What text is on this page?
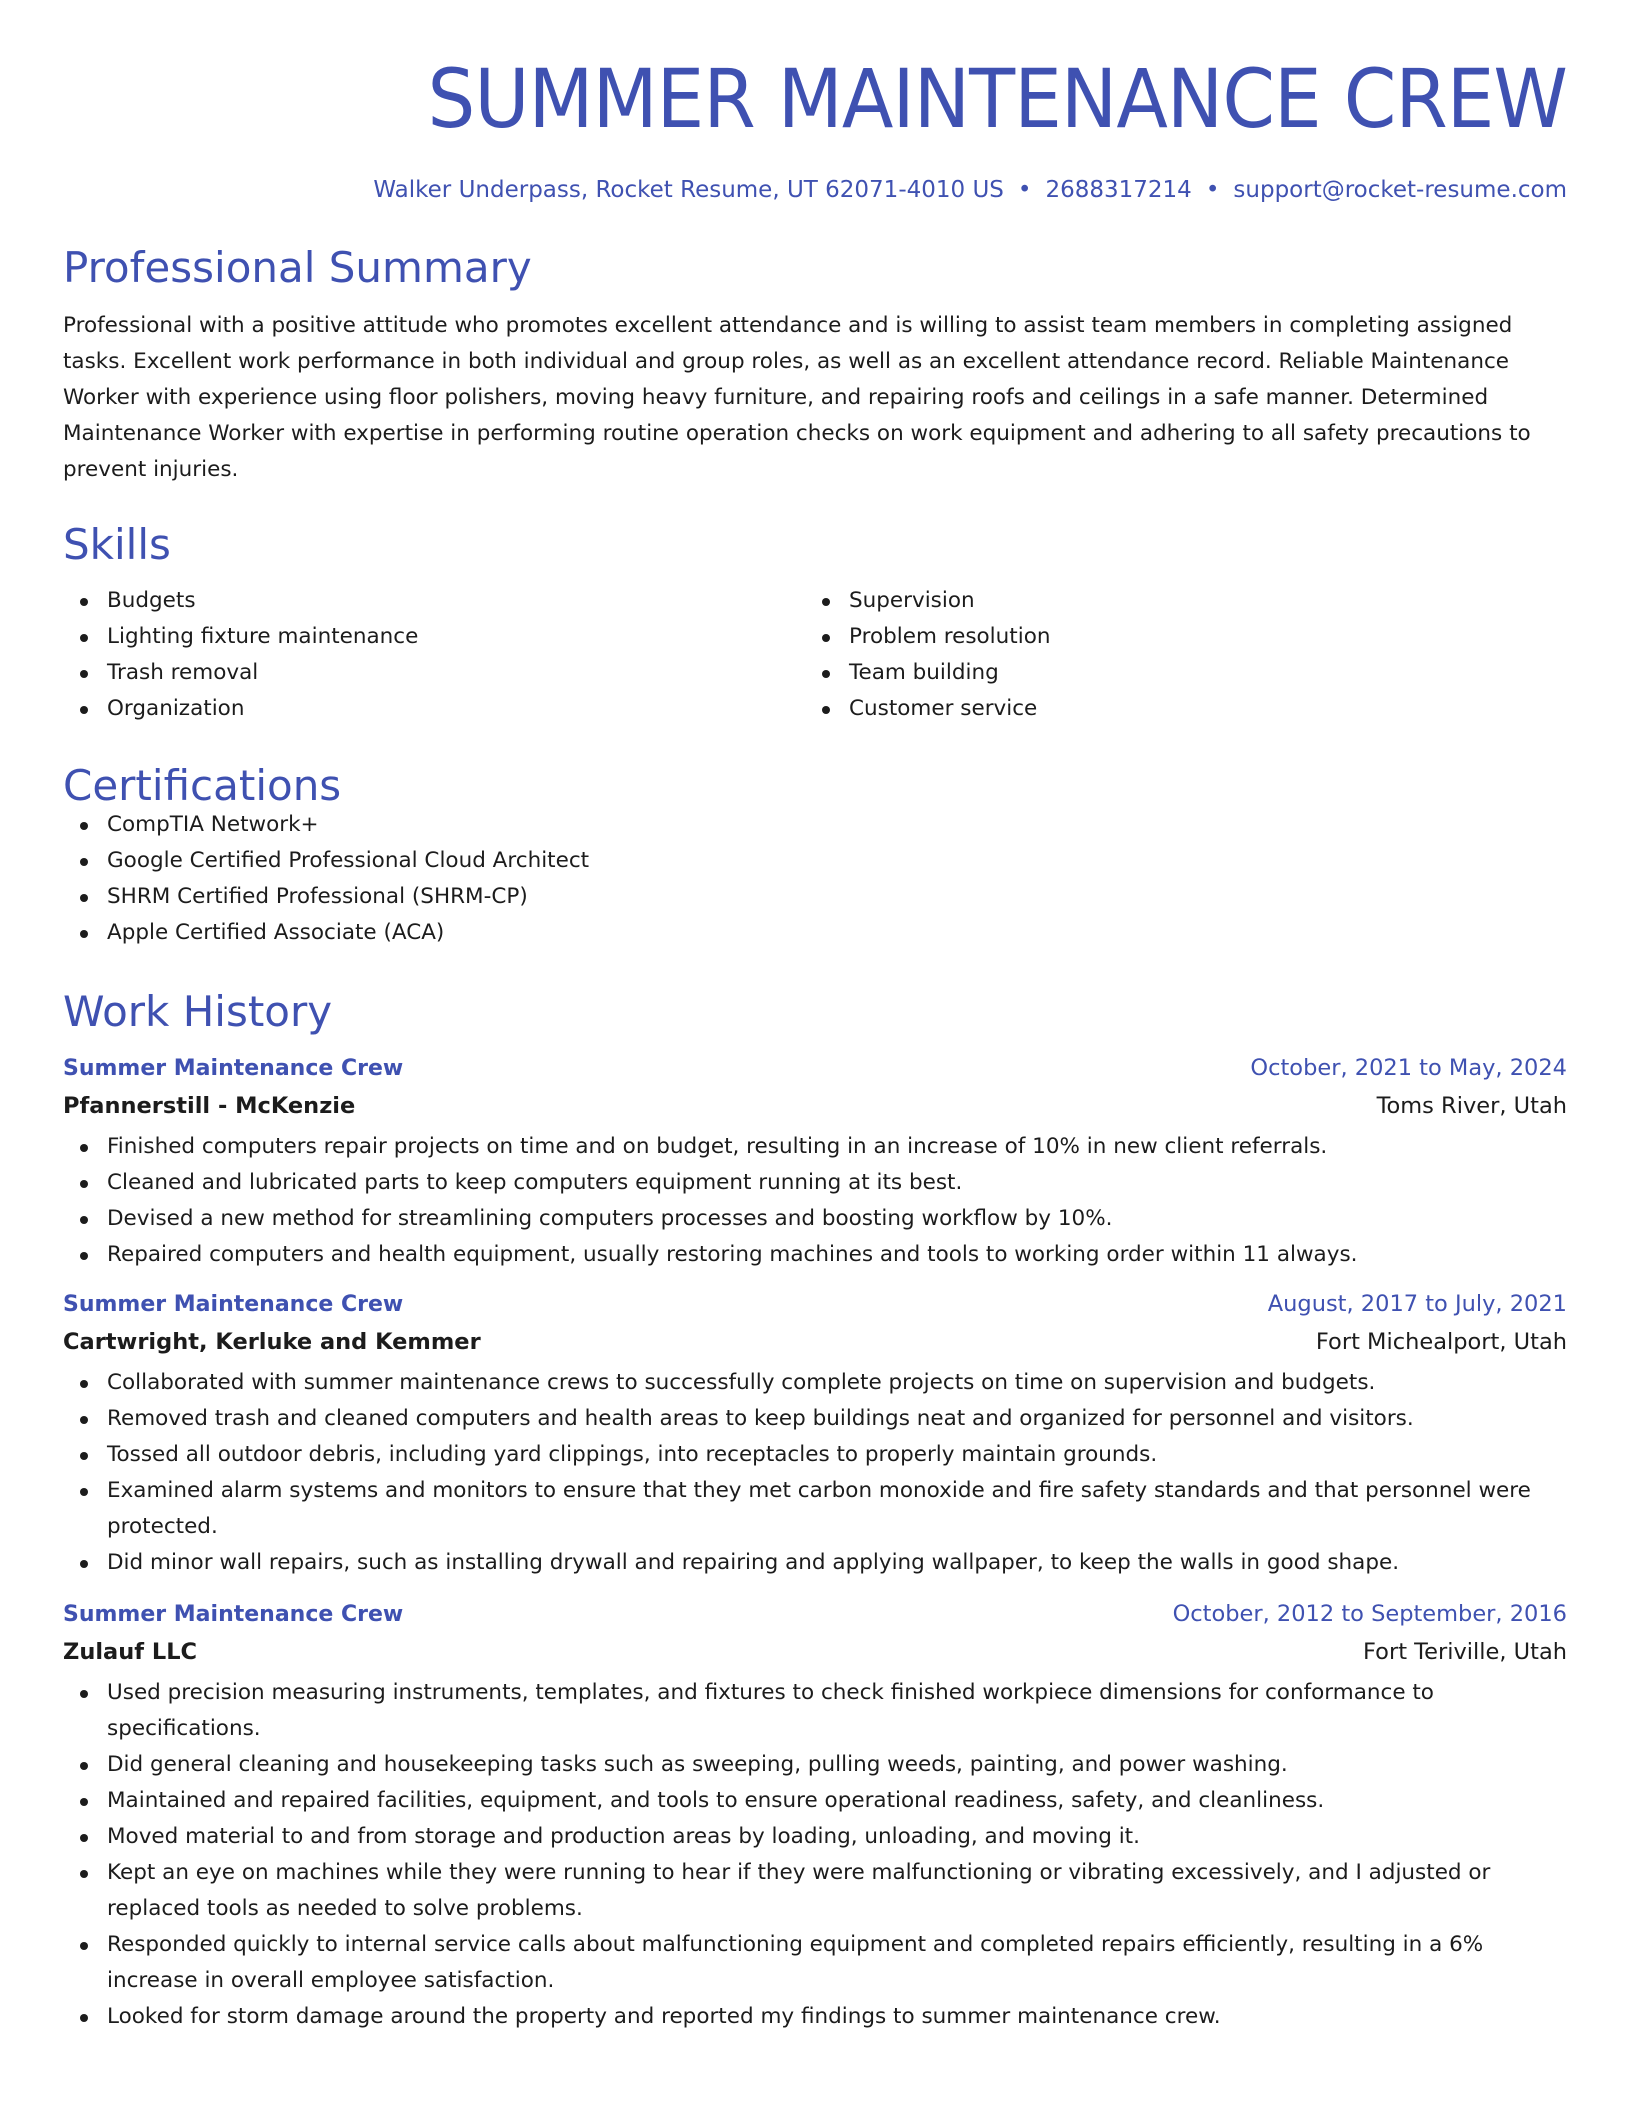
SUMMER MAINTENANCE CREW
Walker Underpass, Rocket Resume, UT 62071-4010 US • 2688317214 • support@rocket-resume.com
Professional Summary

Professional with a positive attitude who promotes excellent attendance and is willing to assist team members in completing assigned tasks. Excellent work performance in both individual and group roles, as well as an excellent attendance record. Reliable Maintenance Worker with experience using floor polishers, moving heavy furniture, and repairing roofs and ceilings in a safe manner. Determined Maintenance Worker with expertise in performing routine operation checks on work equipment and adhering to all safety precautions to prevent injuries.

Skills
Budgets
Lighting fixture maintenance
Trash removal
Organization
Supervision
Problem resolution
Team building
Customer service
Certifications
CompTIA Network+
Google Certified Professional Cloud Architect
SHRM Certified Professional (SHRM-CP)
Apple Certified Associate (ACA)
Work History
Summer Maintenance Crew	October, 2021 to May, 2024
Pfannerstill - McKenzie	Toms River, Utah
Finished computers repair projects on time and on budget, resulting in an increase of 10% in new client referrals.
Cleaned and lubricated parts to keep computers equipment running at its best.
Devised a new method for streamlining computers processes and boosting workflow by 10%.
Repaired computers and health equipment, usually restoring machines and tools to working order within 11 always.
Summer Maintenance Crew	August, 2017 to July, 2021
Cartwright, Kerluke and Kemmer	Fort Michealport, Utah
Collaborated with summer maintenance crews to successfully complete projects on time on supervision and budgets.
Removed trash and cleaned computers and health areas to keep buildings neat and organized for personnel and visitors.
Tossed all outdoor debris, including yard clippings, into receptacles to properly maintain grounds.
Examined alarm systems and monitors to ensure that they met carbon monoxide and fire safety standards and that personnel were protected.
Did minor wall repairs, such as installing drywall and repairing and applying wallpaper, to keep the walls in good shape.
Summer Maintenance Crew	October, 2012 to September, 2016
Zulauf LLC	Fort Teriville, Utah
Used precision measuring instruments, templates, and fixtures to check finished workpiece dimensions for conformance to specifications.
Did general cleaning and housekeeping tasks such as sweeping, pulling weeds, painting, and power washing.
Maintained and repaired facilities, equipment, and tools to ensure operational readiness, safety, and cleanliness.
Moved material to and from storage and production areas by loading, unloading, and moving it.
Kept an eye on machines while they were running to hear if they were malfunctioning or vibrating excessively, and I adjusted or replaced tools as needed to solve problems.
Responded quickly to internal service calls about malfunctioning equipment and completed repairs efficiently, resulting in a 6% increase in overall employee satisfaction.
Looked for storm damage around the property and reported my findings to summer maintenance crew.
